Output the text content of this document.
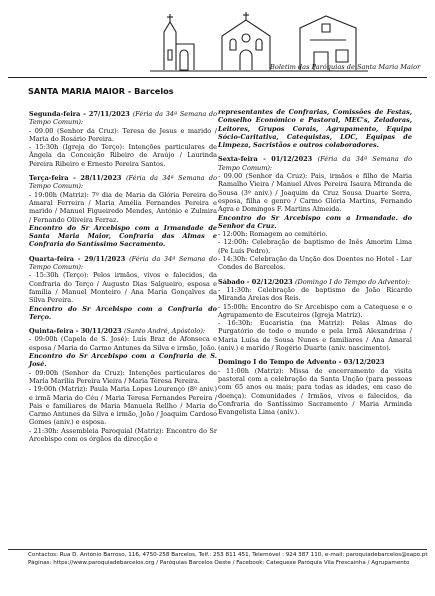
Boletim das Paróquias de Santa Maria Maior
SANTA MARIA MAIOR - Barcelos

Segunda-feira - 27/11/2023 (Féria da 34ª Semana do Tempo Comum):

- 09.00 (Senhor da Cruz): Teresa de Jesus e marido / Maria do Rosário Pereira.

- 15:30h (Igreja do Terço): Intenções particulares de Ângela da Conceição Ribeiro de Araújo / Laurinda Pereira Ribeiro e Ernesto Pereira Santos.

Terça-feira - 28/11/2023 (Féria da 34ª Semana do Tempo Comum):

- 19:00h (Matriz): 7º dia de Maria da Glória Pereira do Amaral Ferreira / Maria Amélia Fernandes Pereira e marido / Manuel Figueiredo Mendes, António e Zulmira / Fernando Oliveira Ferraz.

Encontro do Sr Arcebispo com a Irmandade de Santa Maria Maior, Confraria das Almas e Confraria do Santíssimo Sacramento.

Quarta-feira - 29/11/2023 (Féria da 34ª Semana do Tempo Comum):

- 15:30h (Terço): Pelos irmãos, vivos e falecidos, da Confraria do Terço / Augusto Dias Salgueiro, esposa e família / Manuel Monteiro / Ana Maria Gonçalves da Silva Pereira.

Encontro do Sr Arcebispo com a Confraria do Terço.

Quinta-feira - 30/11/2023 (Santo André, Apóstolo):

- 09:00h (Capela de S. José): Luís Braz de Afonseca e esposa / Maria do Carmo Antunes da Silva e irmão, João.

Encontro do Sr Arcebispo com a Confraria de S. José.

- 09:00h (Senhor da Cruz): Intenções particulares de Maria Marília Pereira Vieira / Maria Teresa Pereira.

- 19:00h (Matriz): Paula Maria Lopes Lourenço (8º aniv.) e irmã Maria do Céu / Maria Teresa Fernandes Pereira / Pais e familiares de Maria Manuela Rellho / Maria do Carmo Antunes da Silva e irmão, João / Joaquim Cardoso Gomes (aniv.) e esposa.

- 21:30h: Assembleia Paroquial (Matriz): Encontro do Sr Arcebispo com os órgãos da direcção e

representantes de Confrarias, Comissões de Festas, Conselho Económico e Pastoral, MEC's, Zeladoras, Leitores, Grupos Corais, Agrupamento, Equipa Sócio-Caritativa, Catequistas, LOC, Equipas de Limpeza, Sacristãos e outros colaboradores.

Sexta-feira - 01/12/2023 (Féria da 34ª Semana do Tempo Comum):

- 09.00 (Senhor da Cruz): Pais, irmãos e filho de Maria Ramalho Vieira / Manuel Alves Pereira Isaura Miranda de Sousa (3º aniv.) / Joaquim da Cruz Sousa Duarte Serra, esposa, filha e genro / Carmo Glória Martins, Fernando Agra e Domingos F. Martins Almeida.

Encontro do Sr Arcebispo com a Irmandade. do Senhor da Cruz.

- 12:00h: Romagem ao cemitério.

- 12:00h: Celebração de baptismo de Inês Amorim Lima (Pe Luís Pedro).

- 14:30h: Celebração da Unção dos Doentes no Hotel - Lar Condes de Barcelos.

Sábado - 02/12/2023 (Domingo I do Tempo do Advento):

- 11:30h: Celebração de baptismo de João Ricardo Miranda Areias dos Reis.

- 15:00h: Encontro do Sr Arcebispo com a Catequese e o Agrupamento de Escuteiros (Igreja Matriz).

- 16:30h: Eucaristia (na Matriz): Pelas Almas do Purgatório de todo o mundo e pela Irmã Alexandrina / Maria Luísa de Sousa Nunes e familiares / Ana Amaral (aniv.) e marido / Rogério Duarte (aniv. nascimento).

Domingo I do Tempo de Advento - 03/12/2023

- 11:00h (Matriz): Missa de encerramento da visita pastoral com a celebração da Santa Unção (para pessoas com 65 anos ou mais; para todas as idades, em caso de doença): Comunidades / Irmãos, vivos e falecidos, da Confraria do Santíssimo Sacramento / Maria Arminda Evangelista Lima (aniv.).

Contactos: Rua D. António Barroso, 116, 4750-258 Barcelos, Telf.: 253 811 451, Telemóvel : 924 387 110, e-mail: paroquiadebarcelos@sapo.pt
Páginas: https://www.paroquiadebarcelos.org / Paróquias Barcelos Oeste / Facebook: Catequese Paróquia Vila Frescainha / Agrupamento
